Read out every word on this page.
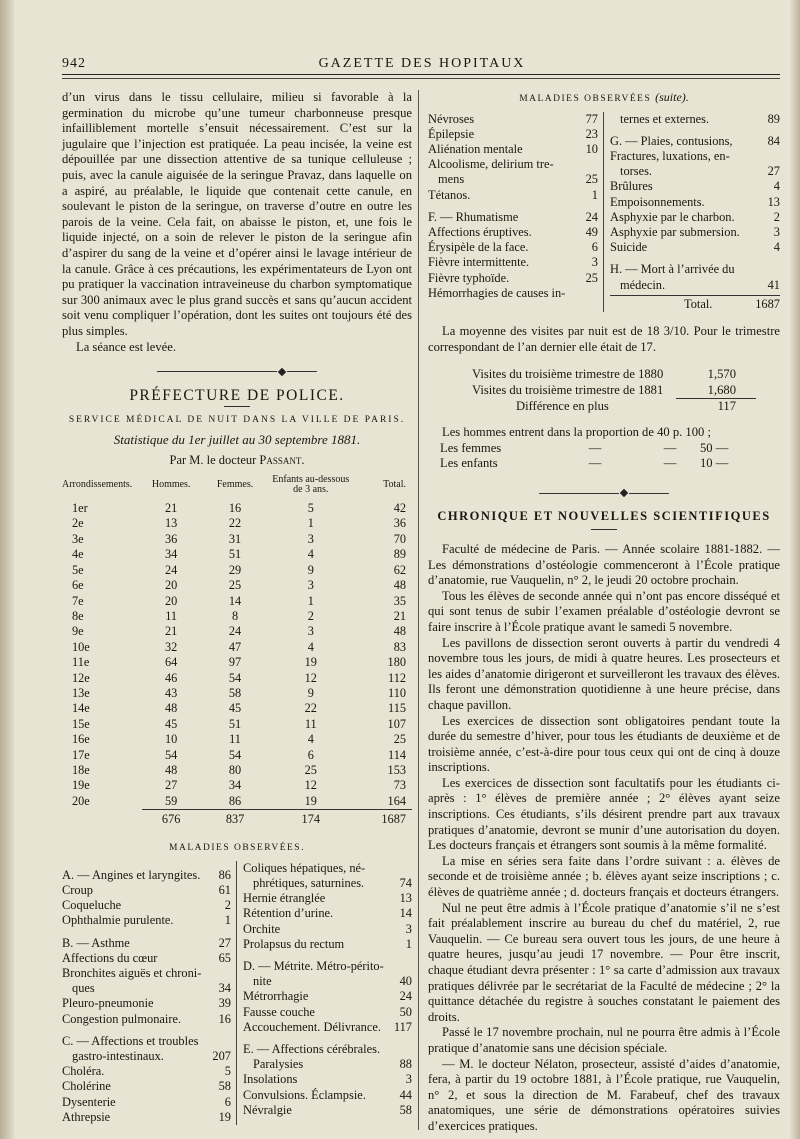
942	GAZETTE DES HOPITAUX

d’un virus dans le tissu cellulaire, milieu si favorable à la germination du microbe qu’une tumeur charbonneuse presque infailliblement mortelle s’ensuit nécessairement. C’est sur la jugulaire que l’injection est pratiquée. La peau incisée, la veine est dépouillée par une dissection attentive de sa tunique celluleuse ; puis, avec la canule aiguisée de la seringue Pravaz, dans laquelle on a aspiré, au préalable, le liquide que contenait cette canule, en soulevant le piston de la seringue, on traverse d’outre en outre les parois de la veine. Cela fait, on abaisse le piston, et, une fois le liquide injecté, on a soin de relever le piston de la seringue afin d’aspirer du sang de la veine et d’opérer ainsi le lavage intérieur de la canule. Grâce à ces précautions, les expérimentateurs de Lyon ont pu pratiquer la vaccination intraveineuse du charbon symptomatique sur 300 animaux avec le plus grand succès et sans qu’aucun accident soit venu compliquer l’opération, dont les suites ont toujours été des plus simples.

La séance est levée.

PRÉFECTURE DE POLICE.
SERVICE MÉDICAL DE NUIT DANS LA VILLE DE PARIS.
Statistique du 1er juillet au 30 septembre 1881.
Par M. le docteur Passant.
Arrondissements.	Hommes.	Femmes.	Enfants au-dessous de 3 ans.	Total.
1er	21	16	5	42
2e	13	22	1	36
3e	36	31	3	70
4e	34	51	4	89
5e	24	29	9	62
6e	20	25	3	48
7e	20	14	1	35
8e	11	8	2	21
9e	21	24	3	48
10e	32	47	4	83
11e	64	97	19	180
12e	46	54	12	112
13e	43	58	9	110
14e	48	45	22	115
15e	45	51	11	107
16e	10	11	4	25
17e	54	54	6	114
18e	48	80	25	153
19e	27	34	12	73
20e	59	86	19	164
	676	837	174	1687
MALADIES OBSERVÉES.
A. — Angines et laryngites.	86
Croup	61
Coqueluche	2
Ophthalmie purulente.	1
B. — Asthme	27
Affections du cœur	65
Bronchites aiguës et chroni-
ques	34
Pleuro-pneumonie	39
Congestion pulmonaire.	16
C. — Affections et troubles
gastro-intestinaux.	207
Choléra.	5
Cholérine	58
Dysenterie	6
Athrepsie	19
Coliques hépatiques, né-
phrétiques, saturnines.	74
Hernie étranglée	13
Rétention d’urine.	14
Orchite	3
Prolapsus du rectum	1
D. — Métrite. Métro-périto-
nite	40
Métrorrhagie	24
Fausse couche	50
Accouchement. Délivrance.	117
E. — Affections cérébrales.
Paralysies	88
Insolations	3
Convulsions. Éclampsie.	44
Névralgie	58
MALADIES OBSERVÉES (suite).
Névroses	77
Épilepsie	23
Aliénation mentale	10
Alcoolisme, delirium tre-
mens	25
Tétanos.	1
F. — Rhumatisme	24
Affections éruptives.	49
Érysipèle de la face.	6
Fièvre intermittente.	3
Fièvre typhoïde.	25
Hémorrhagies de causes in-
ternes et externes.	89
G. — Plaies, contusions,	84
Fractures, luxations, en-
torses.	27
Brûlures	4
Empoisonnements.	13
Asphyxie par le charbon.	2
Asphyxie par submersion.	3
Suicide	4
H. — Mort à l’arrivée du
médecin.	41
Total.	1687

La moyenne des visites par nuit est de 18 3/10. Pour le trimestre correspondant de l’an dernier elle était de 17.

Visites du troisième trimestre de 1880	1,570
Visites du troisième trimestre de 1881	1,680
Différence en plus	117

Les hommes entrent dans la proportion de 40 p. 100 ;

Les femmes	—	—	50 —
Les enfants	—	—	10 —
CHRONIQUE ET NOUVELLES SCIENTIFIQUES

Faculté de médecine de Paris. — Année scolaire 1881-1882. — Les démonstrations d’ostéologie commenceront à l’École pratique d’anatomie, rue Vauquelin, n° 2, le jeudi 20 octobre prochain.

Tous les élèves de seconde année qui n’ont pas encore disséqué et qui sont tenus de subir l’examen préalable d’ostéologie devront se faire inscrire à l’École pratique avant le samedi 5 novembre.

Les pavillons de dissection seront ouverts à partir du vendredi 4 novembre tous les jours, de midi à quatre heures. Les prosecteurs et les aides d’anatomie dirigeront et surveilleront les travaux des élèves. Ils feront une démonstration quotidienne à une heure précise, dans chaque pavillon.

Les exercices de dissection sont obligatoires pendant toute la durée du semestre d’hiver, pour tous les étudiants de deuxième et de troisième année, c’est-à-dire pour tous ceux qui ont de cinq à douze inscriptions.

Les exercices de dissection sont facultatifs pour les étudiants ci-après : 1° élèves de première année ; 2° élèves ayant seize inscriptions. Ces étudiants, s’ils désirent prendre part aux travaux pratiques d’anatomie, devront se munir d’une autorisation du doyen. Les docteurs français et étrangers sont soumis à la même formalité.

La mise en séries sera faite dans l’ordre suivant : a. élèves de seconde et de troisième année ; b. élèves ayant seize inscriptions ; c. élèves de quatrième année ; d. docteurs français et docteurs étrangers.

Nul ne peut être admis à l’École pratique d’anatomie s’il ne s’est fait préalablement inscrire au bureau du chef du matériel, 2, rue Vauquelin. — Ce bureau sera ouvert tous les jours, de une heure à quatre heures, jusqu’au jeudi 17 novembre. — Pour être inscrit, chaque étudiant devra présenter : 1° sa carte d’admission aux travaux pratiques délivrée par le secrétariat de la Faculté de médecine ; 2° la quittance détachée du registre à souches constatant le paiement des droits.

Passé le 17 novembre prochain, nul ne pourra être admis à l’École pratique d’anatomie sans une décision spéciale.

— M. le docteur Nélaton, prosecteur, assisté d’aides d’anatomie, fera, à partir du 19 octobre 1881, à l’École pratique, rue Vauquelin, n° 2, et sous la direction de M. Farabeuf, chef des travaux anatomiques, une série de démonstrations opératoires suivies d’exercices pratiques.
